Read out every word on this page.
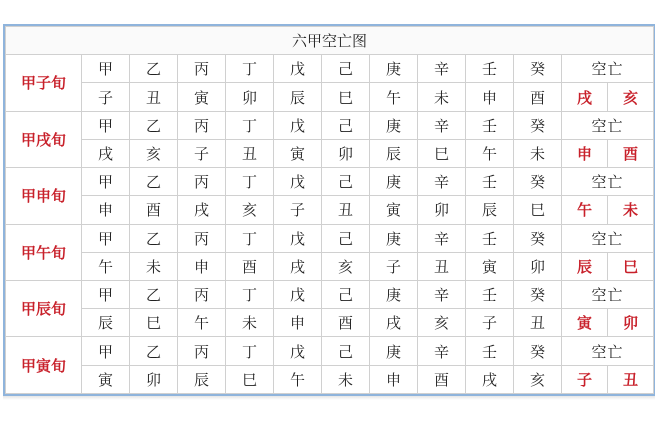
六甲空亡图												
甲子旬	甲	乙	丙	丁	戊	己	庚	辛	壬	癸	空亡	
	子	丑	寅	卯	辰	巳	午	未	申	酉	戌	亥
甲戌旬	甲	乙	丙	丁	戊	己	庚	辛	壬	癸	空亡	
	戌	亥	子	丑	寅	卯	辰	巳	午	未	申	酉
甲申旬	甲	乙	丙	丁	戊	己	庚	辛	壬	癸	空亡	
	申	酉	戌	亥	子	丑	寅	卯	辰	巳	午	未
甲午旬	甲	乙	丙	丁	戊	己	庚	辛	壬	癸	空亡	
	午	未	申	酉	戌	亥	子	丑	寅	卯	辰	巳
甲辰旬	甲	乙	丙	丁	戊	己	庚	辛	壬	癸	空亡	
	辰	巳	午	未	申	酉	戌	亥	子	丑	寅	卯
甲寅旬	甲	乙	丙	丁	戊	己	庚	辛	壬	癸	空亡	
	寅	卯	辰	巳	午	未	申	酉	戌	亥	子	丑
